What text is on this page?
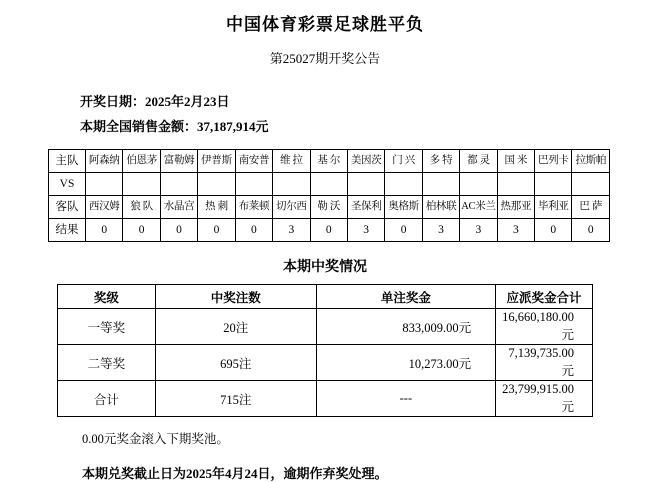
中国体育彩票足球胜平负
第25027期开奖公告
开奖日期：2025年2月23日
本期全国销售金额：37,187,914元
主队	阿森纳	伯恩茅	富勒姆	伊普斯	南安普	维 拉	基 尔	美因茨	门 兴	多 特	都 灵	国 米	巴列卡	拉斯帕
VS														
客队	西汉姆	狼 队	水晶宫	热 刺	布莱顿	切尔西	勒 沃	圣保利	奥格斯	柏林联	AC米兰	热那亚	毕利亚	巴 萨
结果	0	0	0	0	0	3	0	3	0	3	3	3	0	0
本期中奖情况
奖级	中奖注数	单注奖金	应派奖金合计
一等奖	20注	833,009.00元	16,660,180.00元
二等奖	695注	10,273.00元	7,139,735.00元
合计	715注	---	23,799,915.00元
0.00元奖金滚入下期奖池。
本期兑奖截止日为2025年4月24日，逾期作弃奖处理。
